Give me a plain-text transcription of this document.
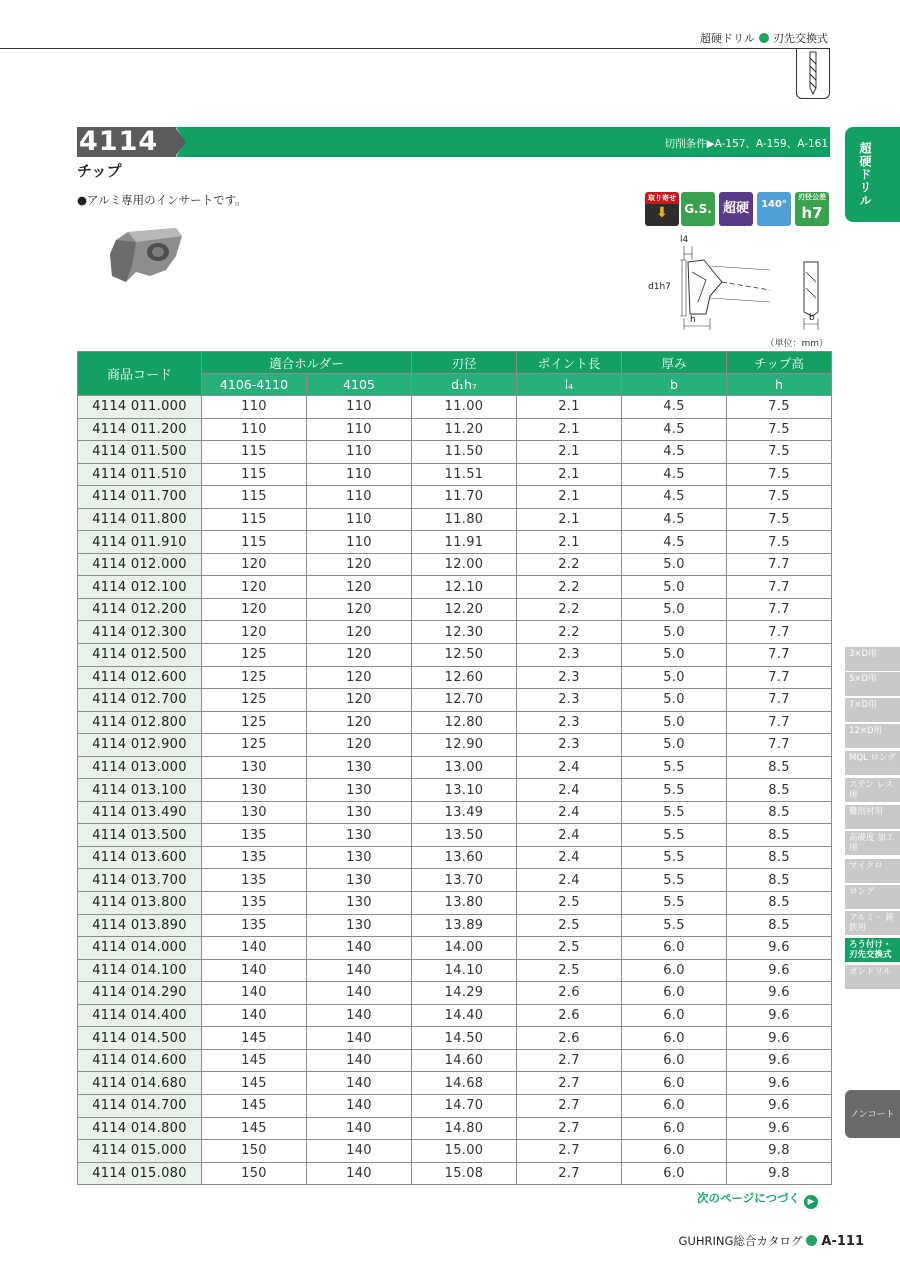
超硬ドリル 刃先交換式
4114	切削条件▶A-157、A-159、A-161
チップ
●アルミ専用のインサートです。	取り寄せ
⬇	G.S. 超硬	140°
刃径公差
h7
l4
d1h7
h	b
（単位：mm）
商品コード	適合ホルダー		刃径	ポイント長	厚み	チップ高
	4106-4110	4105	d₁h₇	l₄	b	h
4114 011.000	110	110	11.00	2.1	4.5	7.5
4114 011.200	110	110	11.20	2.1	4.5	7.5
4114 011.500	115	110	11.50	2.1	4.5	7.5
4114 011.510	115	110	11.51	2.1	4.5	7.5
4114 011.700	115	110	11.70	2.1	4.5	7.5
4114 011.800	115	110	11.80	2.1	4.5	7.5
4114 011.910	115	110	11.91	2.1	4.5	7.5
4114 012.000	120	120	12.00	2.2	5.0	7.7
4114 012.100	120	120	12.10	2.2	5.0	7.7
4114 012.200	120	120	12.20	2.2	5.0	7.7
4114 012.300	120	120	12.30	2.2	5.0	7.7
4114 012.500	125	120	12.50	2.3	5.0	7.7
4114 012.600	125	120	12.60	2.3	5.0	7.7
4114 012.700	125	120	12.70	2.3	5.0	7.7
4114 012.800	125	120	12.80	2.3	5.0	7.7
4114 012.900	125	120	12.90	2.3	5.0	7.7
4114 013.000	130	130	13.00	2.4	5.5	8.5
4114 013.100	130	130	13.10	2.4	5.5	8.5
4114 013.490	130	130	13.49	2.4	5.5	8.5
4114 013.500	135	130	13.50	2.4	5.5	8.5
4114 013.600	135	130	13.60	2.4	5.5	8.5
4114 013.700	135	130	13.70	2.4	5.5	8.5
4114 013.800	135	130	13.80	2.5	5.5	8.5
4114 013.890	135	130	13.89	2.5	5.5	8.5
4114 014.000	140	140	14.00	2.5	6.0	9.6
4114 014.100	140	140	14.10	2.5	6.0	9.6
4114 014.290	140	140	14.29	2.6	6.0	9.6
4114 014.400	140	140	14.40	2.6	6.0	9.6
4114 014.500	145	140	14.50	2.6	6.0	9.6
4114 014.600	145	140	14.60	2.7	6.0	9.6
4114 014.680	145	140	14.68	2.7	6.0	9.6
4114 014.700	145	140	14.70	2.7	6.0	9.6
4114 014.800	145	140	14.80	2.7	6.0	9.6
4114 015.000	150	140	15.00	2.7	6.0	9.8
4114 015.080	150	140	15.08	2.7	6.0	9.8
超硬ドリル
3×D用
5×D用
7×D用
12×D用
MQL ロング
ステン レス用
難削材用
高硬度 加工用
マイクロ
ロング
アルミ・ 鋳鉄用
ろう付け・ 刃先交換式
ガンドリル
ノンコート
次のページにつづく ▶
GUHRING総合カタログ A-111
